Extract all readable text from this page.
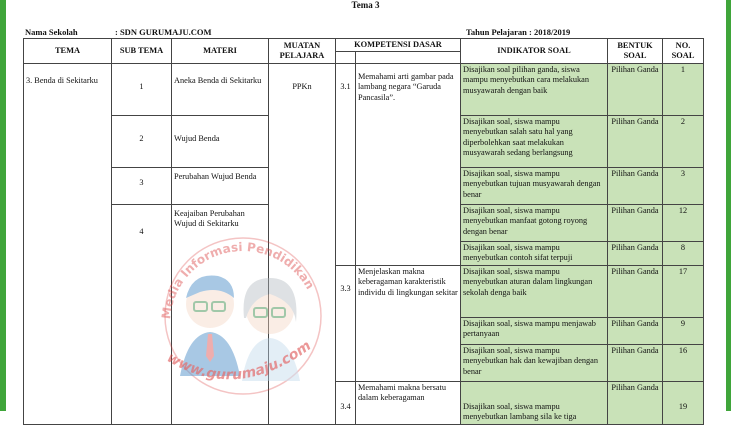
Tema 3
Nama Sekolah	: SDN GURUMAJU.COM	Tahun Pelajaran : 2018/2019
TEMA	SUB TEMA	MATERI	MUATAN PELAJARA	KOMPETENSI DASAR		INDIKATOR SOAL	BENTUK SOAL	NO. SOAL

3. Benda di Sekitarku	1	Aneka Benda di Sekitarku	PPKn	3.1	Memahami arti gambar pada lambang negara “Garuda Pancasila”.	Disajikan soal pilihan ganda, siswa mampu menyebutkan cara melakukan musyawarah dengan baik	Pilihan Ganda	1
	2	Wujud Benda				Disajikan soal, siswa mampu menyebutkan salah satu hal yang diperbolehkan saat melakukan musyawarah sedang berlangsung	Pilihan Ganda	2
	3	Perubahan Wujud Benda				Disajikan soal, siswa mampu menyebutkan tujuan musyawarah dengan benar	Pilihan Ganda	3
	4	Keajaiban Perubahan Wujud di Sekitarku				Disajikan soal, siswa mampu menyebutkan manfaat gotong royong dengan benar	Pilihan Ganda	12
						Disajikan soal, siswa mampu menyebutkan contoh sifat terpuji	Pilihan Ganda	8
				3.3	Menjelaskan makna keberagaman karakteristik individu di lingkungan sekitar	Disajikan soal, siswa mampu menyebutkan aturan dalam lingkungan sekolah denga baik	Pilihan Ganda	17
						Disajikan soal, siswa mampu menjawab pertanyaan	Pilihan Ganda	9
						Disajikan soal, siswa mampu menyebutkan hak dan kewajiban dengan benar	Pilihan Ganda	16
				3.4	Memahami makna bersatu dalam keberagaman	Disajikan soal, siswa mampu menyebutkan lambang sila ke tiga	Pilihan Ganda	19
Media Informasi Pendidikan
www.gurumaju.com
